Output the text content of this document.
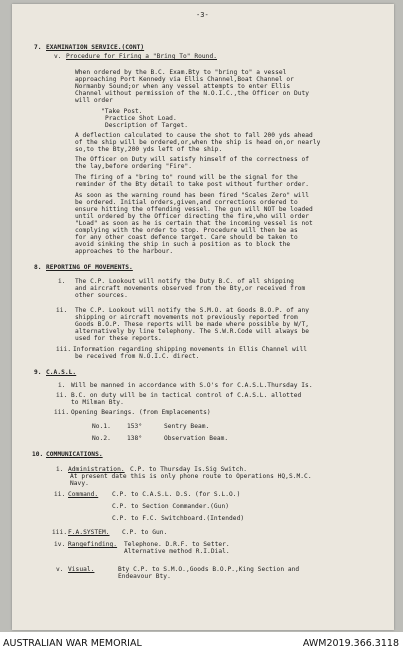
-3-
7. EXAMINATION SERVICE.(CONT)
v. Procedure for Firing a "Bring To" Round.
When ordered by the B.C. Exam.Bty to "bring to" a vessel
approaching Port Kennedy via Ellis Channel,Boat Channel or
Normanby Sound;or when any vessel attempts to enter Ellis
Channel without permission of the N.O.I.C.,the Officer on Duty
will order
"Take Post.
Practice Shot Load.
Description of Target.
A deflection calculated to cause the shot to fall 200 yds ahead
of the ship will be ordered,or,when the ship is head on,or nearly
so,to the Bty,200 yds left of the ship.
The Officer on Duty will satisfy himself of the correctness of
the lay,before ordering "Fire".
The firing of a "bring to" round will be the signal for the
reminder of the Bty detail to take post without further order.
As soon as the warning round has been fired "Scales Zero" will
be ordered. Initial orders,given,and corrections ordered to
ensure hitting the offending vessel. The gun will NOT be loaded
until ordered by the Officer directing the fire,who will order
"Load" as soon as he is certain that the incoming vessel is not
complying with the order to stop. Procedure will then be as
for any other coast defence target. Care should be taken to
avoid sinking the ship in such a position as to block the
approaches to the harbour.
8. REPORTING OF MOVEMENTS.
i. The C.P. Lookout will notify the Duty B.C. of all shipping
and aircraft movements observed from the Bty,or received from
other sources.
ii. The C.P. Lookout will notify the S.M.O. at Goods B.O.P. of any
shipping or aircraft movements not previously reported from
Goods B.O.P. These reports will be made where possible by W/T,
alternatively by line telephony. The S.W.R.Code will always be
used for these reports.
iii. Information regarding shipping movements in Ellis Channel will
be received from N.O.I.C. direct.
9. C.A.S.L.
i. Will be manned in accordance with S.O's for C.A.S.L.Thursday Is.
ii. B.C. on duty will be in tactical control of C.A.S.L. allotted
to Milman Bty.
iii. Opening Bearings. (from Emplacements)
No.1.	153°	Sentry Beam.
No.2.	138°	Observation Beam.
10. COMMUNICATIONS.
i. Administration. C.P. to Thursday Is.Sig Switch.
At present date this is only phone route to Operations HQ,S.M.C.
Navy.
ii. Command. C.P. to C.A.S.L. D.S. (for S.L.O.)
C.P. to Section Commander.(Gun)
C.P. to F.C. Switchboard.(Intended)
iii. F.A.SYSTEM. C.P. to Gun.
iv. Rangefinding. Telephone. D.R.F. to Setter.
Alternative method R.I.Dial.
v. Visual.	Bty C.P. to S.M.O.,Goods B.O.P.,King Section and
Endeavour Bty.
AUSTRALIAN WAR MEMORIAL	AWM2019.366.3118
